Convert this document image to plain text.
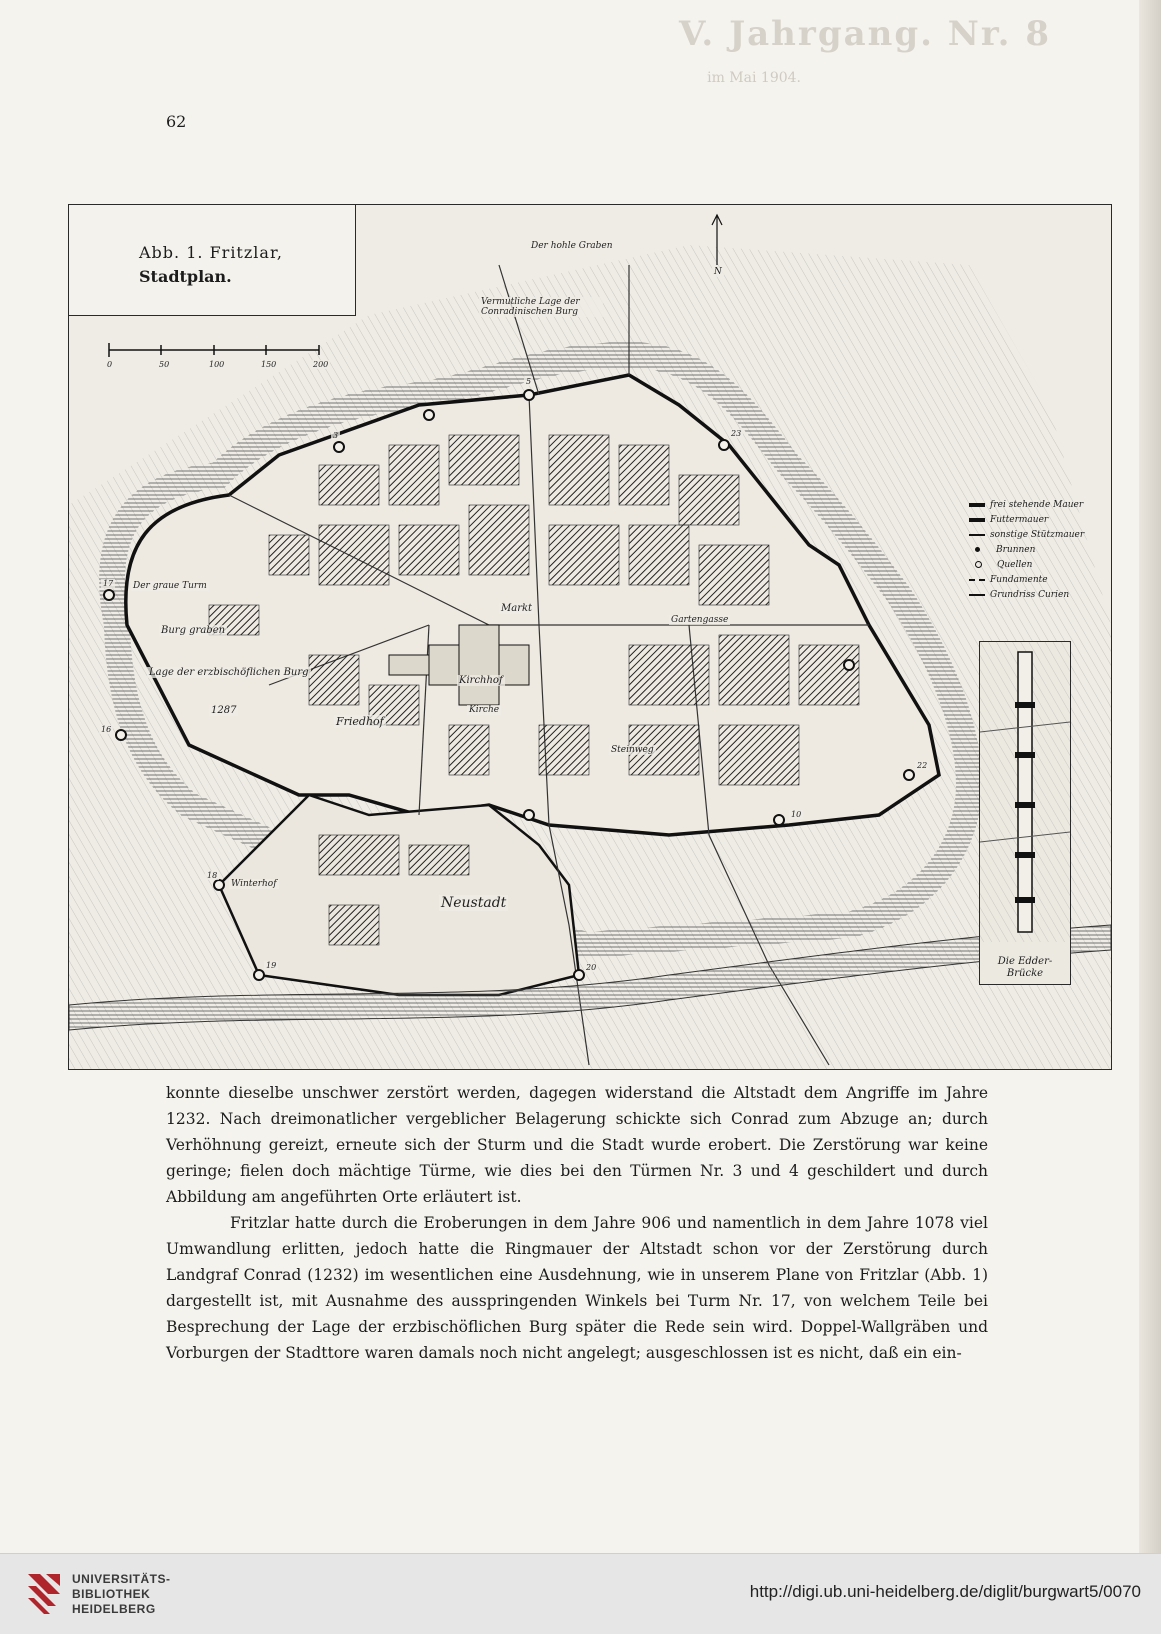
V. Jahrgang. Nr. 8
im Mai 1904.
62
Abb. 1. Fritzlar,
Stadtplan.
0	50	100	150	200
N
Der hohle Graben
Vermutliche Lage der Conradinischen Burg
Der graue Turm
Burg graben
Lage der erzbischöflichen Burg
1287
Friedhof
Kirchhof
Kirche
Markt
Neustadt
Winterhof
Steinweg
Gartengasse
3
5
10
16
17
18
19	20
22
23
frei stehende Mauer
Futtermauer
sonstige Stützmauer
Brunnen
Quellen
Fundamente
Grundriss Curien
Die Edder-Brücke

konnte dieselbe unschwer zerstört werden, dagegen widerstand die Altstadt dem Angriffe im Jahre 1232. Nach dreimonatlicher vergeblicher Belagerung schickte sich Conrad zum Abzuge an; durch Verhöhnung gereizt, erneute sich der Sturm und die Stadt wurde erobert. Die Zerstörung war keine geringe; fielen doch mächtige Türme, wie dies bei den Türmen Nr. 3 und 4 geschildert und durch Abbildung am angeführten Orte erläutert ist.

Fritzlar hatte durch die Eroberungen in dem Jahre 906 und namentlich in dem Jahre 1078 viel Umwandlung erlitten, jedoch hatte die Ringmauer der Altstadt schon vor der Zerstörung durch Landgraf Conrad (1232) im wesentlichen eine Ausdehnung, wie in unserem Plane von Fritzlar (Abb. 1) dargestellt ist, mit Ausnahme des ausspringenden Winkels bei Turm Nr. 17, von welchem Teile bei Besprechung der Lage der erzbischöflichen Burg später die Rede sein wird. Doppel-Wallgräben und Vorburgen der Stadttore waren damals noch nicht angelegt; ausgeschlossen ist es nicht, daß ein ein-

UNIVERSITÄTS-
BIBLIOTHEK
HEIDELBERG
http://digi.ub.uni-heidelberg.de/diglit/burgwart5/0070
